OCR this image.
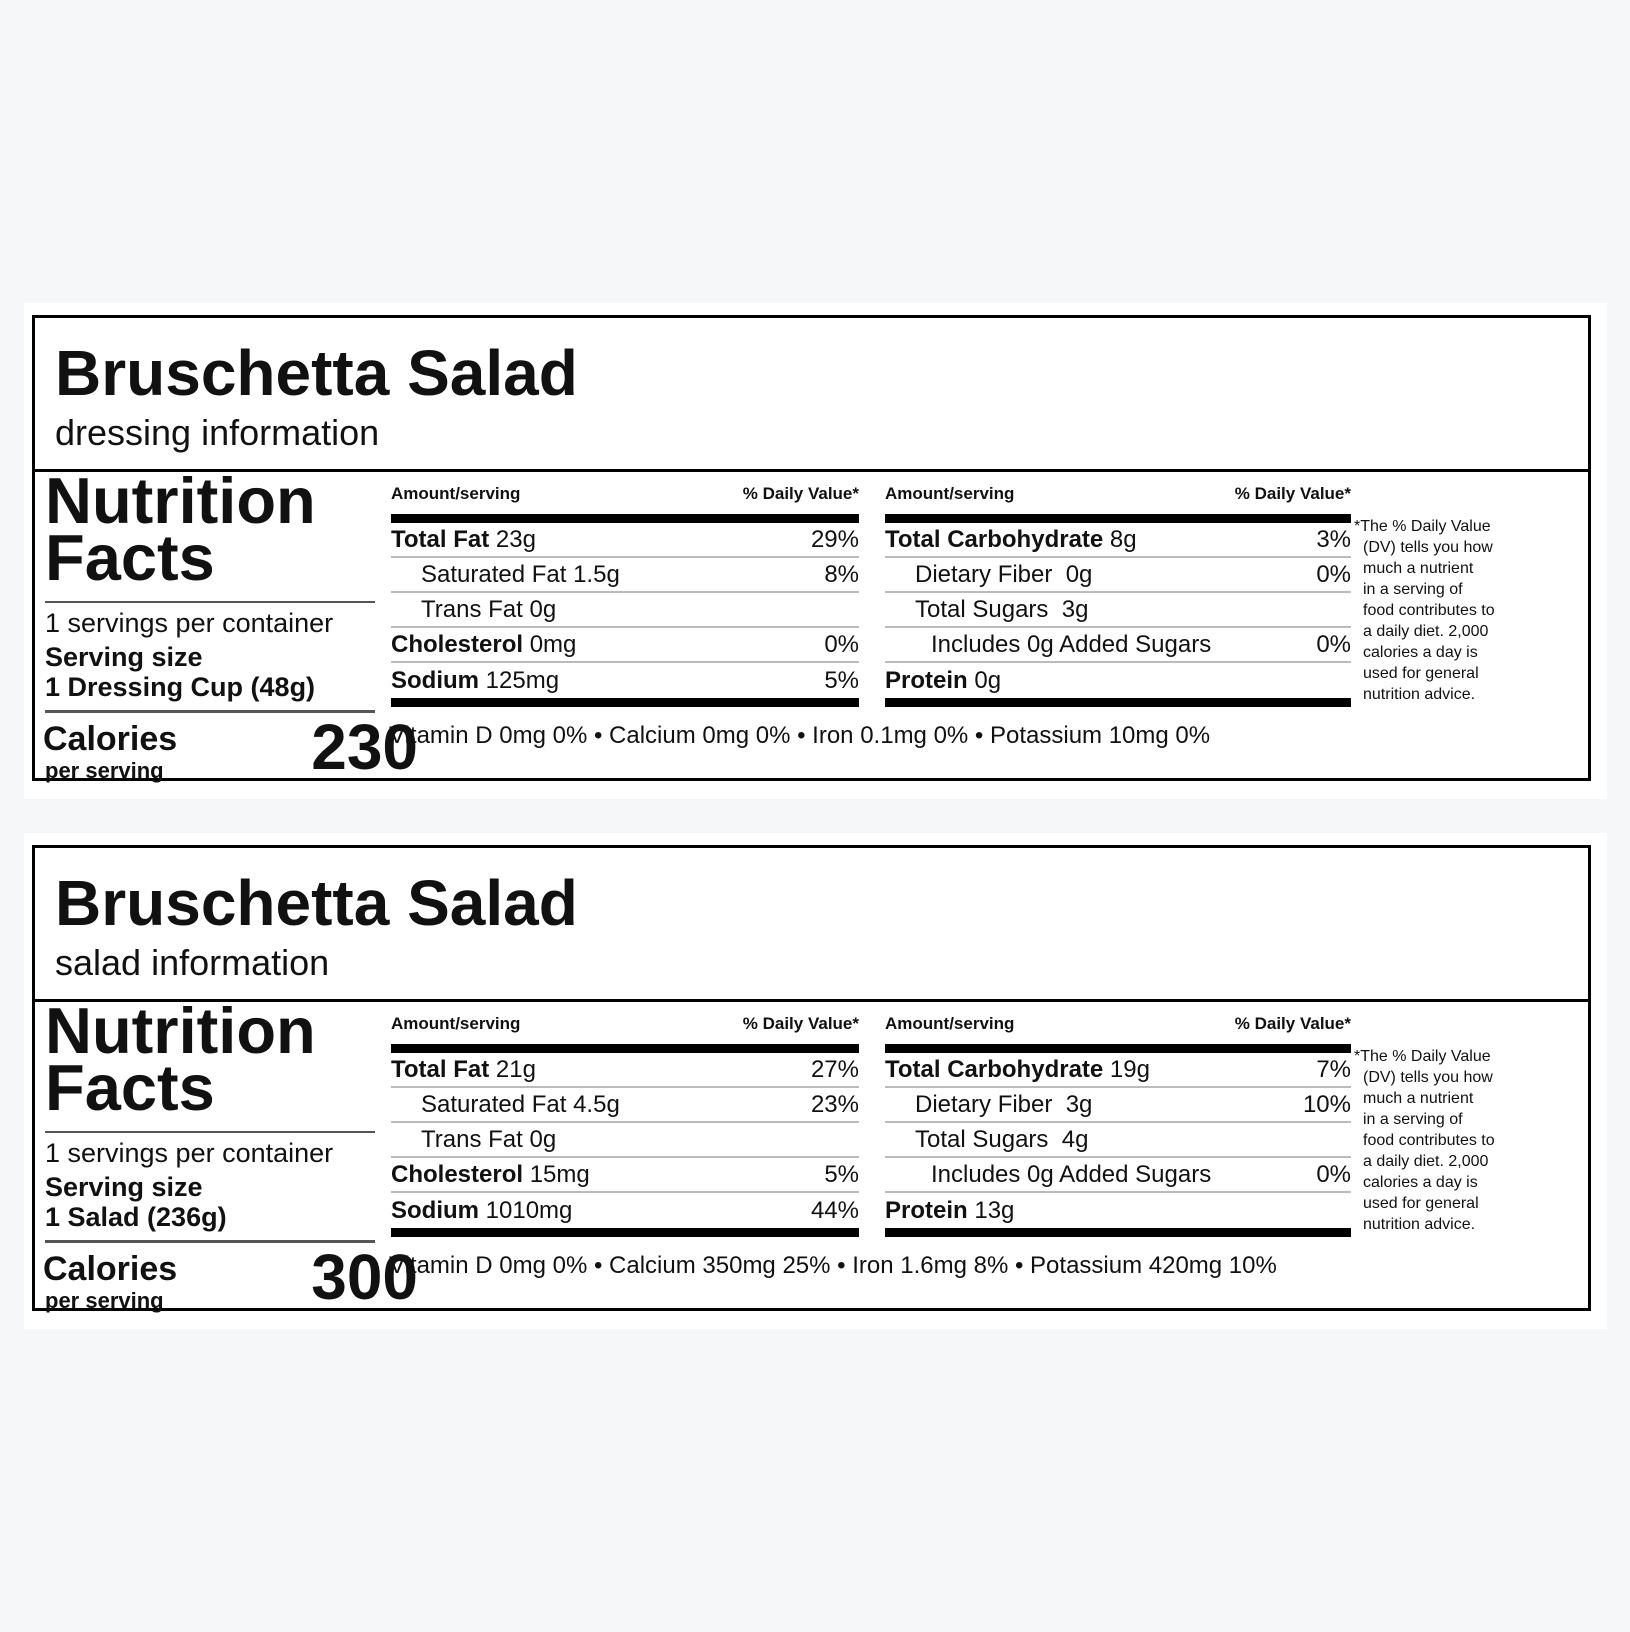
Bruschetta Salad
dressing information
Nutrition
Facts
1 servings per container
Serving size
1 Dressing Cup (48g)
Calories
per serving 230
Amount/serving	% Daily Value*
Total Fat 23g	29%
Saturated Fat 1.5g	8%
Trans Fat 0g
Cholesterol 0mg	0%
Sodium 125mg	5%
Amount/serving	% Daily Value*
Total Carbohydrate 8g	3%
Dietary Fiber  0g	0%
Total Sugars  3g
Includes 0g Added Sugars	0%
Protein 0g
Vitamin D 0mg 0% • Calcium 0mg 0% • Iron 0.1mg 0% • Potassium 10mg 0%
*The % Daily Value
(DV) tells you how
much a nutrient
in a serving of
food contributes to
a daily diet. 2,000
calories a day is
used for general
nutrition advice.
Bruschetta Salad
salad information
Nutrition
Facts
1 servings per container
Serving size
1 Salad (236g)
Calories
per serving 300
Amount/serving	% Daily Value*
Total Fat 21g	27%
Saturated Fat 4.5g	23%
Trans Fat 0g
Cholesterol 15mg	5%
Sodium 1010mg	44%
Amount/serving	% Daily Value*
Total Carbohydrate 19g	7%
Dietary Fiber  3g	10%
Total Sugars  4g
Includes 0g Added Sugars	0%
Protein 13g
Vitamin D 0mg 0% • Calcium 350mg 25% • Iron 1.6mg 8% • Potassium 420mg 10%
*The % Daily Value
(DV) tells you how
much a nutrient
in a serving of
food contributes to
a daily diet. 2,000
calories a day is
used for general
nutrition advice.
